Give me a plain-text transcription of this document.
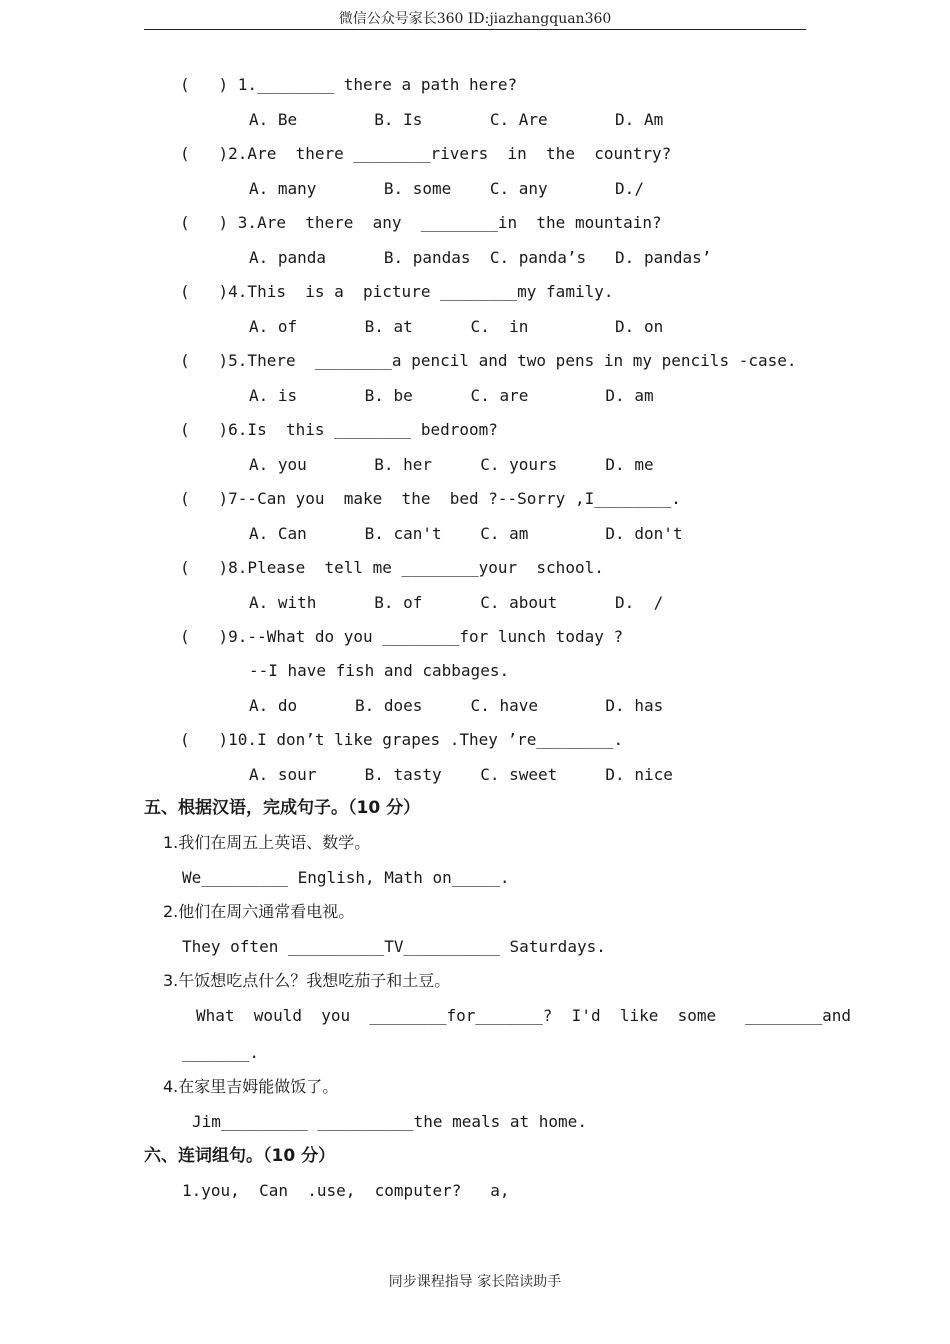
微信公众号家长360 ID:jiazhangquan360
(   ) 1.________ there a path here?
A. Be        B. Is       C. Are       D. Am
(   )2.Are  there ________rivers  in  the  country?
A. many       B. some    C. any       D./
(   ) 3.Are  there  any  ________in  the mountain?
A. panda      B. pandas  C. panda’s   D. pandas’
(   )4.This  is a  picture ________my family.
A. of       B. at      C.  in         D. on
(   )5.There  ________a pencil and two pens in my pencils -case.
A. is       B. be      C. are        D. am
(   )6.Is  this ________ bedroom?
A. you       B. her     C. yours     D. me
(   )7--Can you  make  the  bed ?--Sorry ,I________.
A. Can      B. can't    C. am        D. don't
(   )8.Please  tell me ________your  school.
A. with      B. of      C. about      D.  /
(   )9.--What do you ________for lunch today ?
--I have fish and cabbages.
A. do      B. does     C. have       D. has
(   )10.I don’t like grapes .They ’re________.
A. sour     B. tasty    C. sweet     D. nice
五、根据汉语，完成句子。（10 分）
1.我们在周五上英语、数学。
We_________ English, Math on_____.
2.他们在周六通常看电视。
They often __________TV__________ Saturdays.
3.午饭想吃点什么？我想吃茄子和土豆。
What  would  you  ________for_______?  I'd  like  some   ________and
_______.
4.在家里吉姆能做饭了。
Jim_________ __________the meals at home.
六、连词组句。（10 分）
1.you,  Can  .use,  computer?   a,
同步课程指导 家长陪读助手
